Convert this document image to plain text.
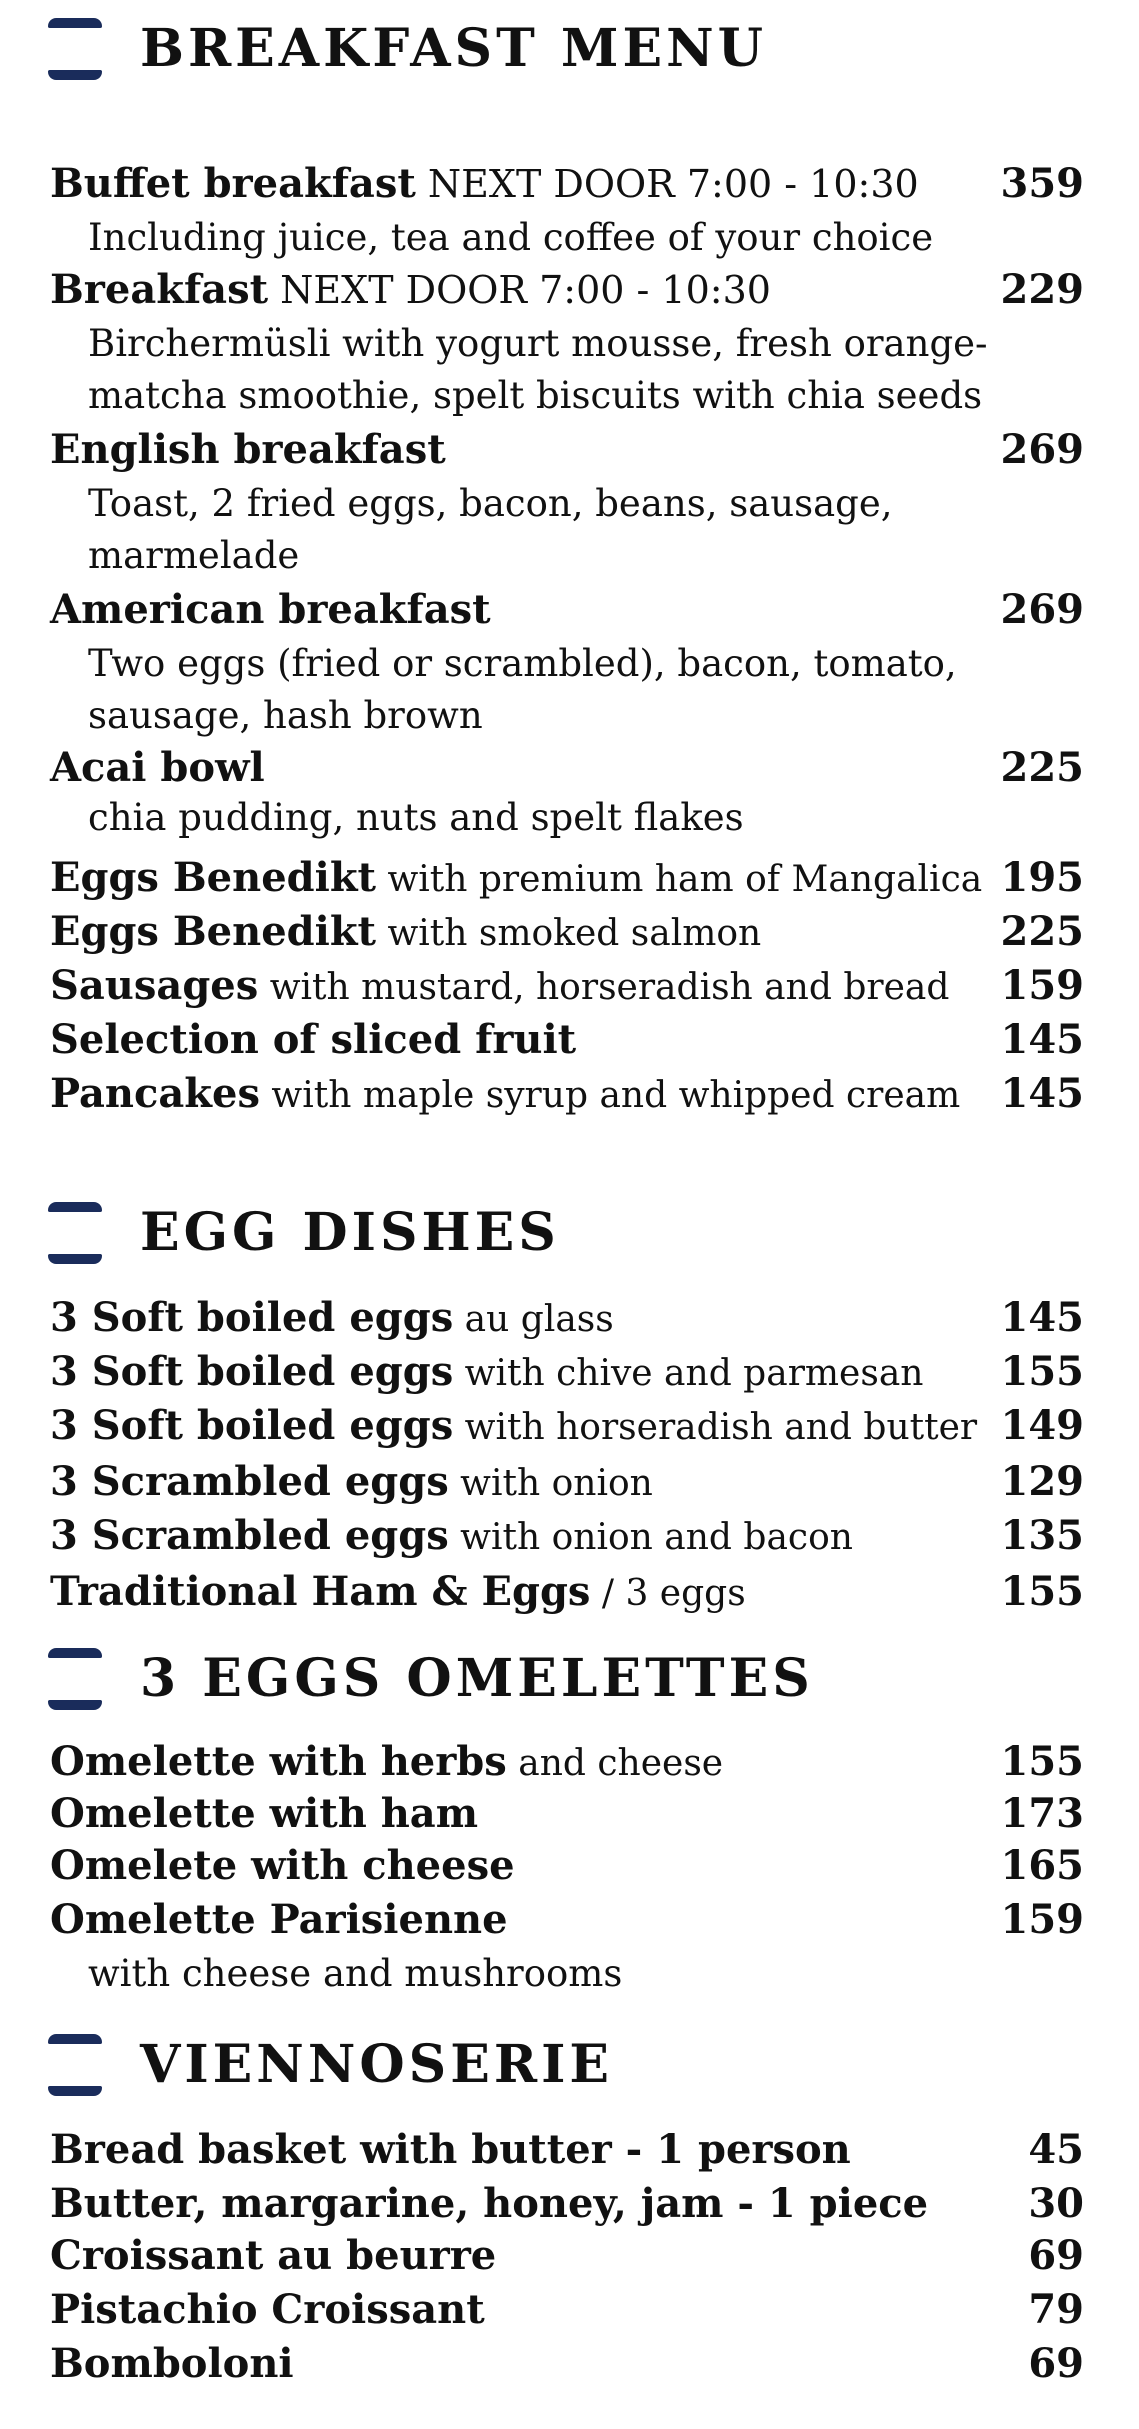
BREAKFAST MENU
Buffet breakfast NEXT DOOR 7:00 - 10:30 359
Including juice, tea and coffee of your choice
Breakfast NEXT DOOR 7:00 - 10:30	229
Birchermüsli with yogurt mousse, fresh orange-
matcha smoothie, spelt biscuits with chia seeds
English breakfast	269
Toast, 2 fried eggs, bacon, beans, sausage,
marmelade
American breakfast	269
Two eggs (fried or scrambled), bacon, tomato,
sausage, hash brown
Acai bowl	225
chia pudding, nuts and spelt flakes
Eggs Benedikt with premium ham of Mangalica 195
Eggs Benedikt with smoked salmon	225
Sausages with mustard, horseradish and bread 159
Selection of sliced fruit	145
Pancakes with maple syrup and whipped cream 145
EGG DISHES
3 Soft boiled eggs au glass	145
3 Soft boiled eggs with chive and parmesan 155
3 Soft boiled eggs with horseradish and butter 149
3 Scrambled eggs with onion	129
3 Scrambled eggs with onion and bacon	135
Traditional Ham & Eggs / 3 eggs	155
3 EGGS OMELETTES
Omelette with herbs and cheese	155
Omelette with ham	173
Omelete with cheese	165
Omelette Parisienne	159
with cheese and mushrooms
VIENNOSERIE
Bread basket with butter - 1 person	45
Butter, margarine, honey, jam - 1 piece	30
Croissant au beurre	69
Pistachio Croissant	79
Bomboloni	69
